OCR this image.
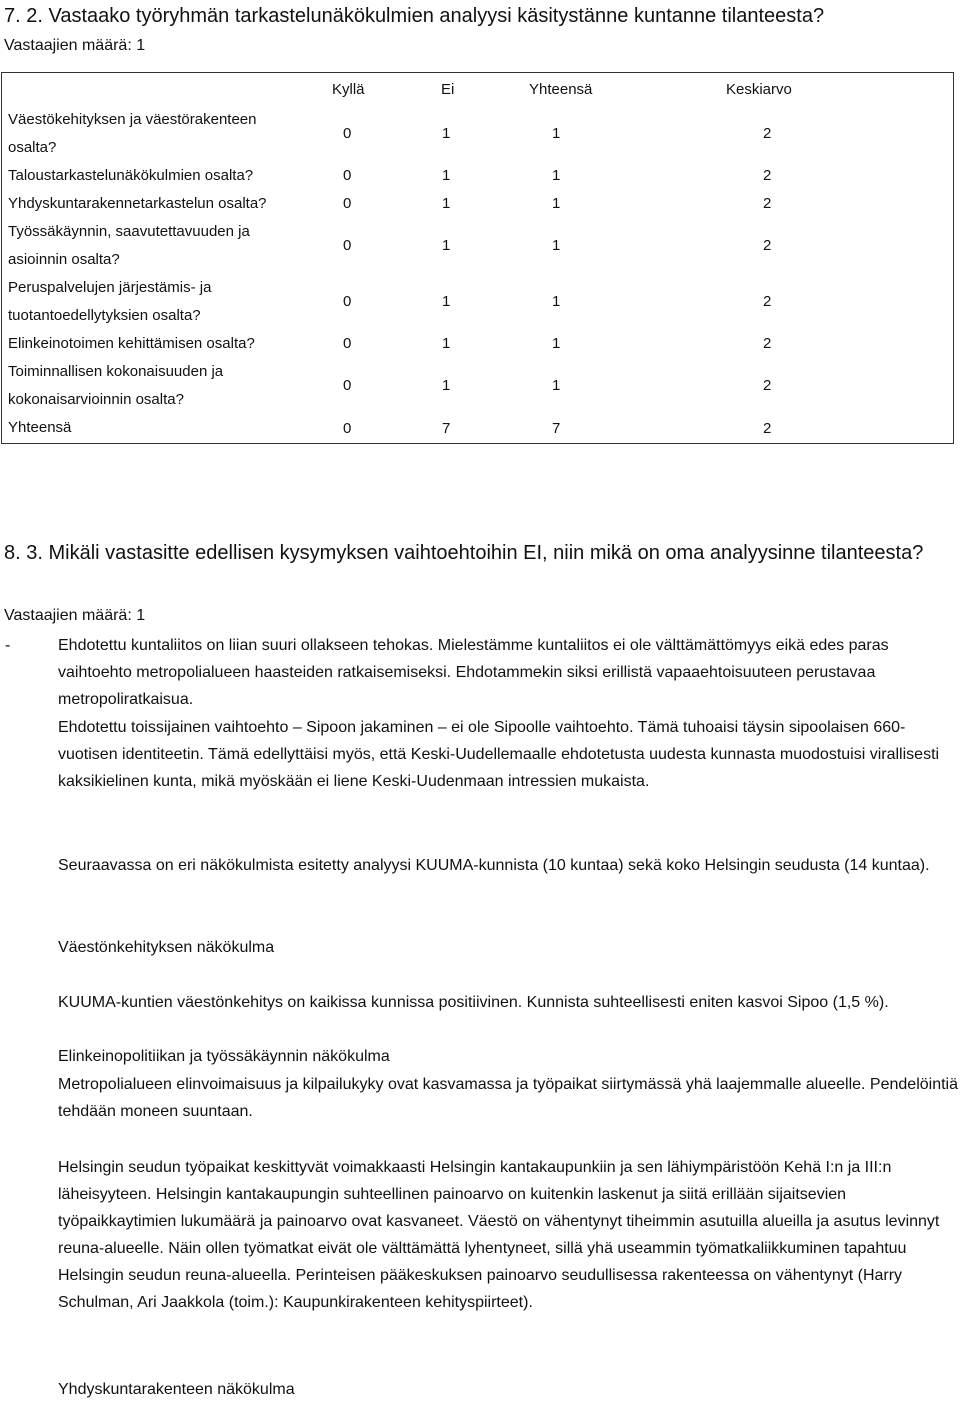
7. 2. Vastaako työryhmän tarkastelunäkökulmien analyysi käsitystänne kuntanne tilanteesta?

Vastaajien määrä: 1

	Kyllä	Ei	Yhteensä	Keskiarvo
Väestökehityksen ja väestörakenteen osalta?	0	1	1	2
Taloustarkastelunäkökulmien osalta?	0	1	1	2
Yhdyskuntarakennetarkastelun osalta?	0	1	1	2
Työssäkäynnin, saavutettavuuden ja asioinnin osalta?	0	1	1	2
Peruspalvelujen järjestämis- ja tuotantoedellytyksien osalta?	0	1	1	2
Elinkeinotoimen kehittämisen osalta?	0	1	1	2
Toiminnallisen kokonaisuuden ja kokonaisarvioinnin osalta?	0	1	1	2
Yhteensä	0	7	7	2
8. 3. Mikäli vastasitte edellisen kysymyksen vaihtoehtoihin EI, niin mikä on oma analyysinne tilanteesta?

Vastaajien määrä: 1

-	Ehdotettu kuntaliitos on liian suuri ollakseen tehokas. Mielestämme kuntaliitos ei ole välttämättömyys eikä edes paras vaihtoehto metropolialueen haasteiden ratkaisemiseksi. Ehdotammekin siksi erillistä vapaaehtoisuuteen perustavaa metropoliratkaisua.

Ehdotettu toissijainen vaihtoehto – Sipoon jakaminen – ei ole Sipoolle vaihtoehto. Tämä tuhoaisi täysin sipoolaisen 660-vuotisen identiteetin. Tämä edellyttäisi myös, että Keski-Uudellemaalle ehdotetusta uudesta kunnasta muodostuisi virallisesti kaksikielinen kunta, mikä myöskään ei liene Keski-Uudenmaan intressien mukaista.

Seuraavassa on eri näkökulmista esitetty analyysi KUUMA-kunnista (10 kuntaa) sekä koko Helsingin seudusta (14 kuntaa).

Väestönkehityksen näkökulma

KUUMA-kuntien väestönkehitys on kaikissa kunnissa positiivinen. Kunnista suhteellisesti eniten kasvoi Sipoo (1,5 %).

Elinkeinopolitiikan ja työssäkäynnin näkökulma

Metropolialueen elinvoimaisuus ja kilpailukyky ovat kasvamassa ja työpaikat siirtymässä yhä laajemmalle alueelle. Pendelöintiä tehdään moneen suuntaan.

Helsingin seudun työpaikat keskittyvät voimakkaasti Helsingin kantakaupunkiin ja sen lähiympäristöön Kehä I:n ja III:n läheisyyteen. Helsingin kantakaupungin suhteellinen painoarvo on kuitenkin laskenut ja siitä erillään sijaitsevien työpaikkaytimien lukumäärä ja painoarvo ovat kasvaneet. Väestö on vähentynyt tiheimmin asutuilla alueilla ja asutus levinnyt reuna-alueelle. Näin ollen työmatkat eivät ole välttämättä lyhentyneet, sillä yhä useammin työmatkaliikkuminen tapahtuu Helsingin seudun reuna-alueella. Perinteisen pääkeskuksen painoarvo seudullisessa rakenteessa on vähentynyt (Harry Schulman, Ari Jaakkola (toim.): Kaupunkirakenteen kehityspiirteet).

Yhdyskuntarakenteen näkökulma
